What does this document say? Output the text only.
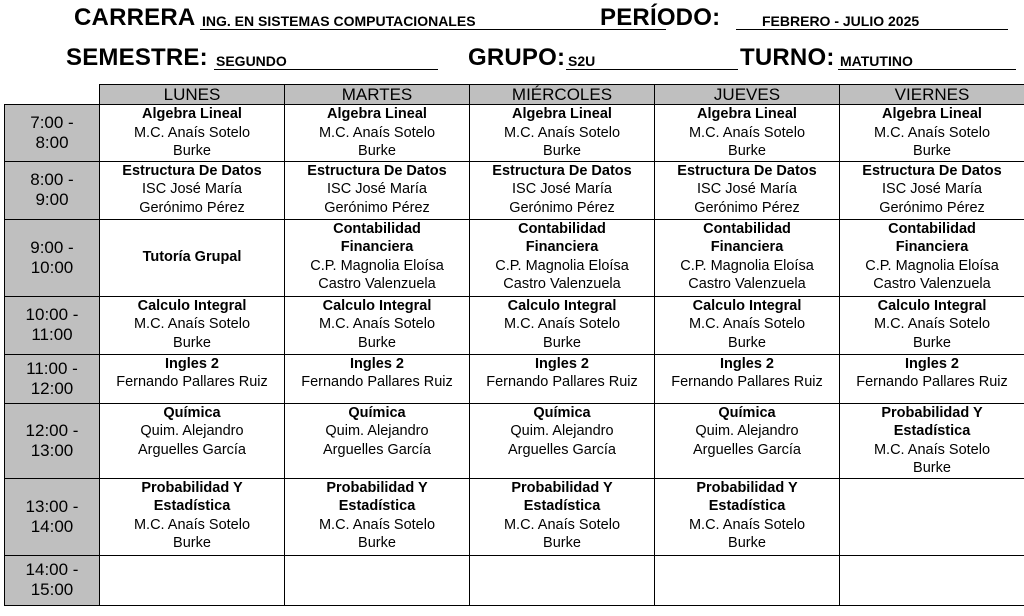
CARRERA ING. EN SISTEMAS COMPUTACIONALES	PERÍODO:	FEBRERO - JULIO 2025
SEMESTRE: SEGUNDO	GRUPO: S2U	TURNO: MATUTINO
	LUNES	MARTES	MIÉRCOLES	JUEVES	VIERNES

7:00 -
8:00	Algebra Lineal
M.C. Anaís Sotelo
Burke	Algebra Lineal
M.C. Anaís Sotelo
Burke	Algebra Lineal
M.C. Anaís Sotelo
Burke	Algebra Lineal
M.C. Anaís Sotelo
Burke	Algebra Lineal
M.C. Anaís Sotelo
Burke

8:00 -
9:00	Estructura De Datos
ISC José María
Gerónimo Pérez	Estructura De Datos
ISC José María
Gerónimo Pérez	Estructura De Datos
ISC José María
Gerónimo Pérez	Estructura De Datos
ISC José María
Gerónimo Pérez	Estructura De Datos
ISC José María
Gerónimo Pérez

9:00 -
10:00	Tutoría Grupal	Contabilidad
Financiera
C.P. Magnolia Eloísa
Castro Valenzuela	Contabilidad
Financiera
C.P. Magnolia Eloísa
Castro Valenzuela	Contabilidad
Financiera
C.P. Magnolia Eloísa
Castro Valenzuela	Contabilidad
Financiera
C.P. Magnolia Eloísa
Castro Valenzuela

10:00 -
11:00	Calculo Integral
M.C. Anaís Sotelo
Burke	Calculo Integral
M.C. Anaís Sotelo
Burke	Calculo Integral
M.C. Anaís Sotelo
Burke	Calculo Integral
M.C. Anaís Sotelo
Burke	Calculo Integral
M.C. Anaís Sotelo
Burke

11:00 -
12:00	Ingles 2
Fernando Pallares Ruiz	Ingles 2
Fernando Pallares Ruiz	Ingles 2
Fernando Pallares Ruiz	Ingles 2
Fernando Pallares Ruiz	Ingles 2
Fernando Pallares Ruiz

12:00 -
13:00	Química
Quim. Alejandro
Arguelles García	Química
Quim. Alejandro
Arguelles García	Química
Quim. Alejandro
Arguelles García	Química
Quim. Alejandro
Arguelles García	Probabilidad Y
Estadística
M.C. Anaís Sotelo
Burke

13:00 -
14:00	Probabilidad Y
Estadística
M.C. Anaís Sotelo
Burke	Probabilidad Y
Estadística
M.C. Anaís Sotelo
Burke	Probabilidad Y
Estadística
M.C. Anaís Sotelo
Burke	Probabilidad Y
Estadística
M.C. Anaís Sotelo
Burke	

14:00 -
15:00					
